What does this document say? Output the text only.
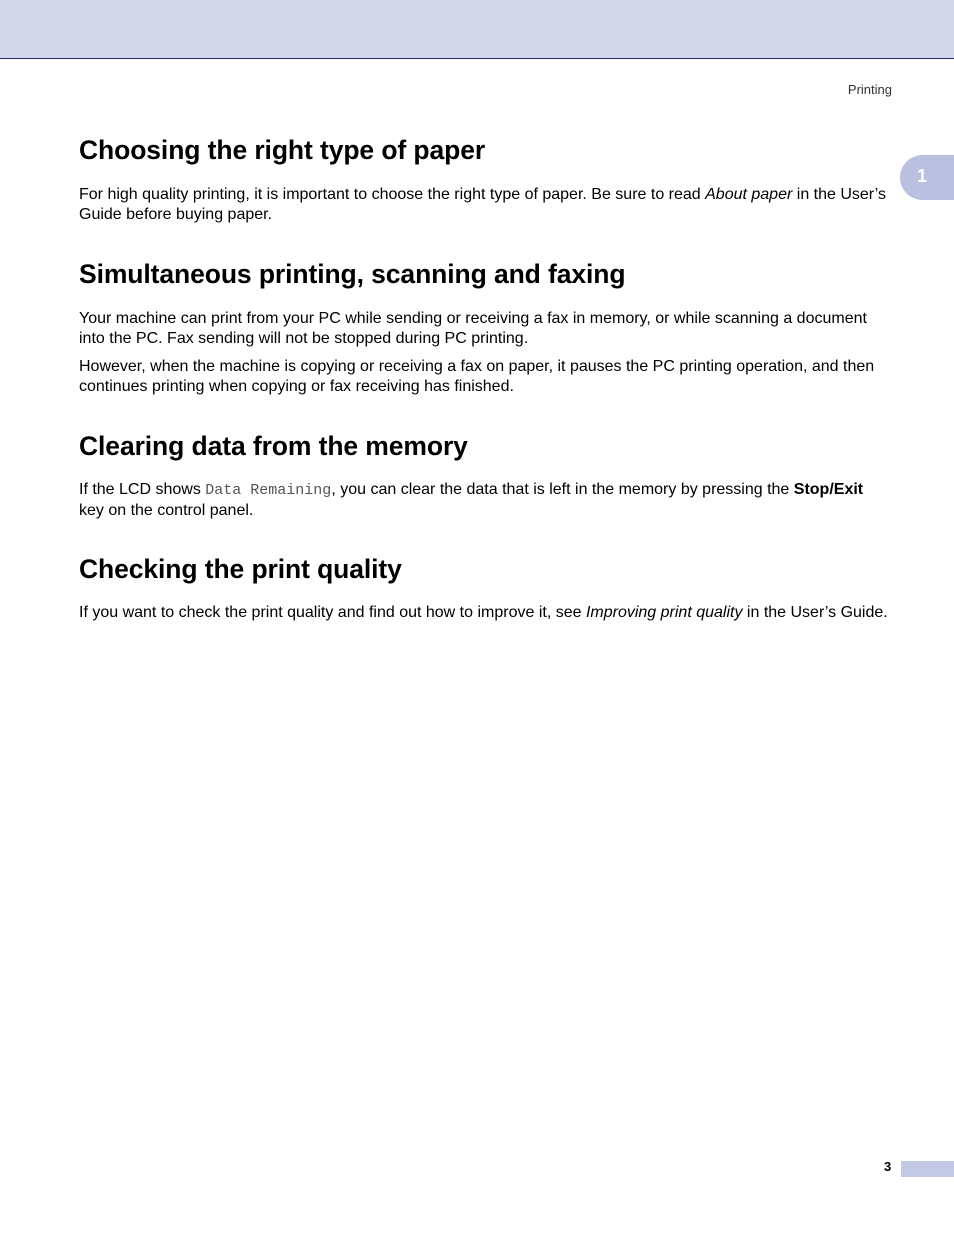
Printing
1
Choosing the right type of paper

For high quality printing, it is important to choose the right type of paper. Be sure to read About paper in the User’s Guide before buying paper.

Simultaneous printing, scanning and faxing

Your machine can print from your PC while sending or receiving a fax in memory, or while scanning a document into the PC. Fax sending will not be stopped during PC printing.

However, when the machine is copying or receiving a fax on paper, it pauses the PC printing operation, and then continues printing when copying or fax receiving has finished.

Clearing data from the memory

If the LCD shows Data Remaining, you can clear the data that is left in the memory by pressing the Stop/Exit key on the control panel.

Checking the print quality

If you want to check the print quality and find out how to improve it, see Improving print quality in the User’s Guide.

3
